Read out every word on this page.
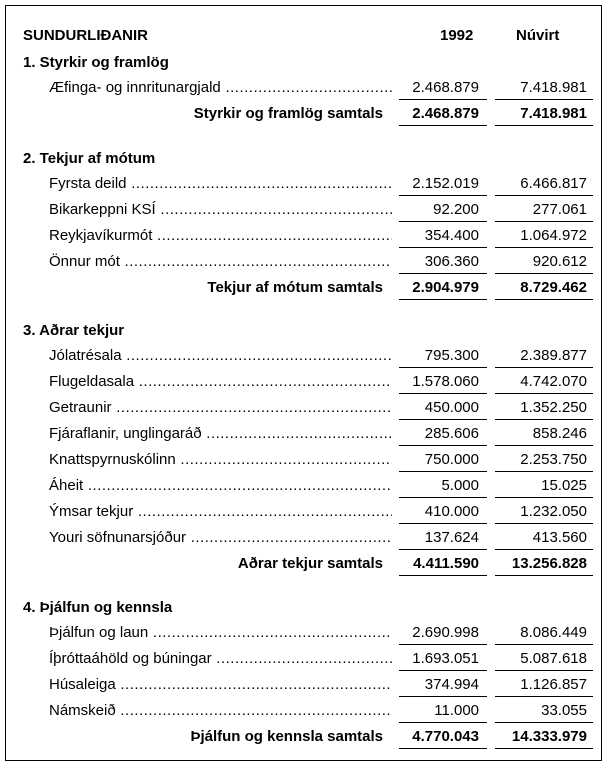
SUNDURLIÐANIR	1992	Núvirt
1. Styrkir og framlög
Æfinga- og innritunargjald .....	2.468.879	7.418.981
Styrkir og framlög samtals	2.468.879	7.418.981
2. Tekjur af mótum
Fyrsta deild .....	2.152.019	6.466.817
Bikarkeppni KSÍ .....	92.200	277.061
Reykjavíkurmót .....	354.400	1.064.972
Önnur mót .....	306.360	920.612
Tekjur af mótum samtals	2.904.979	8.729.462
3. Aðrar tekjur
Jólatrésala .....	795.300	2.389.877
Flugeldasala .....	1.578.060	4.742.070
Getraunir .....	450.000	1.352.250
Fjáraflanir, unglingaráð .....	285.606	858.246
Knattspyrnuskólinn .....	750.000	2.253.750
Áheit .....	5.000	15.025
Ýmsar tekjur .....	410.000	1.232.050
Youri söfnunarsjóður .....	137.624	413.560
Aðrar tekjur samtals	4.411.590	13.256.828
4. Þjálfun og kennsla
Þjálfun og laun .....	2.690.998	8.086.449
Íþróttaáhöld og búningar .....	1.693.051	5.087.618
Húsaleiga .....	374.994	1.126.857
Námskeið .....	11.000	33.055
Þjálfun og kennsla samtals	4.770.043	14.333.979
